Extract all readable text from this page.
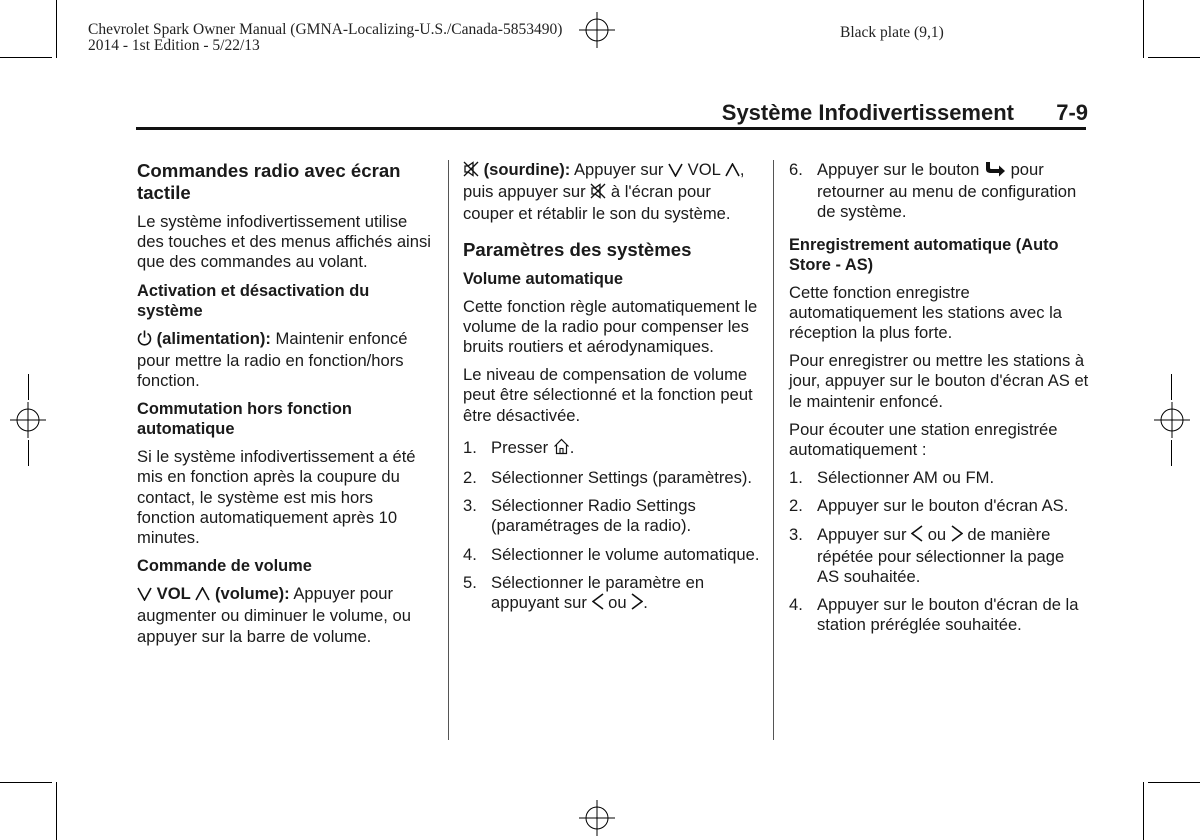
Chevrolet Spark Owner Manual (GMNA-Localizing-U.S./Canada-5853490)
2014 - 1st Edition - 5/22/13
Black plate (9,1)
Système Infodivertissement 7-9
Commandes radio avec écran tactile

Le système infodivertissement utilise des touches et des menus affichés ainsi que des commandes au volant.

Activation et désactivation du système

(alimentation): Maintenir enfoncé pour mettre la radio en fonction/hors fonction.

Commutation hors fonction automatique

Si le système infodivertissement a été mis en fonction après la coupure du contact, le système est mis hors fonction automatiquement après 10 minutes.

Commande de volume

VOL (volume): Appuyer pour augmenter ou diminuer le volume, ou appuyer sur la barre de volume.

(sourdine): Appuyer sur  VOL , puis appuyer sur  à l'écran pour couper et rétablir le son du système.

Paramètres des systèmes
Volume automatique

Cette fonction règle automatiquement le volume de la radio pour compenser les bruits routiers et aérodynamiques.

Le niveau de compensation de volume peut être sélectionné et la fonction peut être désactivée.

1. Presser .
2. Sélectionner Settings (paramètres).
3. Sélectionner Radio Settings (paramétrages de la radio).
4. Sélectionner le volume automatique.
5. Sélectionner le paramètre en appuyant sur  ou .
6. Appuyer sur le bouton  pour retourner au menu de configuration de système.
Enregistrement automatique (Auto Store - AS)

Cette fonction enregistre automatiquement les stations avec la réception la plus forte.

Pour enregistrer ou mettre les stations à jour, appuyer sur le bouton d'écran AS et le maintenir enfoncé.

Pour écouter une station enregistrée automatiquement :

1. Sélectionner AM ou FM.
2. Appuyer sur le bouton d'écran AS.
3. Appuyer sur  ou  de manière répétée pour sélectionner la page AS souhaitée.
4. Appuyer sur le bouton d'écran de la station préréglée souhaitée.
